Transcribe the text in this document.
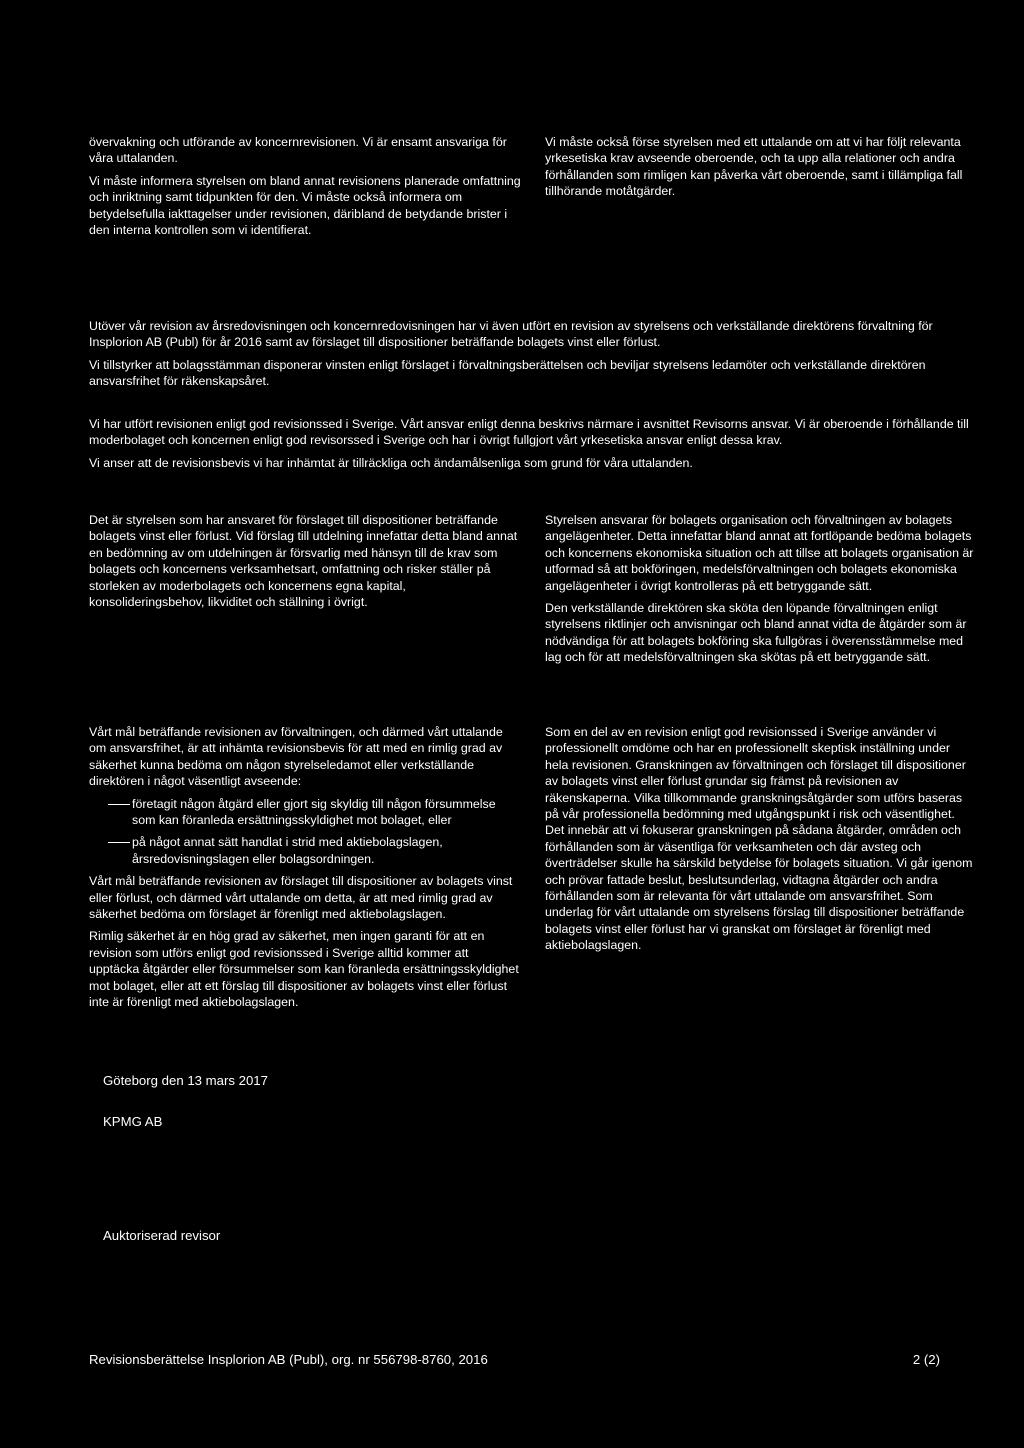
övervakning och utförande av koncernrevisionen. Vi är ensamt ansvariga för våra uttalanden.

Vi måste informera styrelsen om bland annat revisionens planerade omfattning och inriktning samt tidpunkten för den. Vi måste också informera om betydelsefulla iakttagelser under revisionen, däribland de betydande brister i den interna kontrollen som vi identifierat.

Vi måste också förse styrelsen med ett uttalande om att vi har följt relevanta yrkesetiska krav avseende oberoende, och ta upp alla relationer och andra förhållanden som rimligen kan påverka vårt oberoende, samt i tillämpliga fall tillhörande motåtgärder.

Utöver vår revision av årsredovisningen och koncernredovisningen har vi även utfört en revision av styrelsens och verkställande direktörens förvaltning för Insplorion AB (Publ) för år 2016 samt av förslaget till dispositioner beträffande bolagets vinst eller förlust.

Vi tillstyrker att bolagsstämman disponerar vinsten enligt förslaget i förvaltningsberättelsen och beviljar styrelsens ledamöter och verkställande direktören ansvarsfrihet för räkenskapsåret.

Vi har utfört revisionen enligt god revisionssed i Sverige. Vårt ansvar enligt denna beskrivs närmare i avsnittet Revisorns ansvar. Vi är oberoende i förhållande till moderbolaget och koncernen enligt god revisorssed i Sverige och har i övrigt fullgjort vårt yrkesetiska ansvar enligt dessa krav.

Vi anser att de revisionsbevis vi har inhämtat är tillräckliga och ändamålsenliga som grund för våra uttalanden.

Det är styrelsen som har ansvaret för förslaget till dispositioner beträffande bolagets vinst eller förlust. Vid förslag till utdelning innefattar detta bland annat en bedömning av om utdelningen är försvarlig med hänsyn till de krav som bolagets och koncernens verksamhetsart, omfattning och risker ställer på storleken av moderbolagets och koncernens egna kapital, konsolideringsbehov, likviditet och ställning i övrigt.

Styrelsen ansvarar för bolagets organisation och förvaltningen av bolagets angelägenheter. Detta innefattar bland annat att fortlöpande bedöma bolagets och koncernens ekonomiska situation och att tillse att bolagets organisation är utformad så att bokföringen, medelsförvaltningen och bolagets ekonomiska angelägenheter i övrigt kontrolleras på ett betryggande sätt.

Den verkställande direktören ska sköta den löpande förvaltningen enligt styrelsens riktlinjer och anvisningar och bland annat vidta de åtgärder som är nödvändiga för att bolagets bokföring ska fullgöras i överensstämmelse med lag och för att medelsförvaltningen ska skötas på ett betryggande sätt.

Vårt mål beträffande revisionen av förvaltningen, och därmed vårt uttalande om ansvarsfrihet, är att inhämta revisionsbevis för att med en rimlig grad av säkerhet kunna bedöma om någon styrelseledamot eller verkställande direktören i något väsentligt avseende:

företagit någon åtgärd eller gjort sig skyldig till någon försummelse som kan föranleda ersättningsskyldighet mot bolaget, eller
på något annat sätt handlat i strid med aktiebolagslagen, årsredovisningslagen eller bolagsordningen.

Vårt mål beträffande revisionen av förslaget till dispositioner av bolagets vinst eller förlust, och därmed vårt uttalande om detta, är att med rimlig grad av säkerhet bedöma om förslaget är förenligt med aktiebolagslagen.

Rimlig säkerhet är en hög grad av säkerhet, men ingen garanti för att en revision som utförs enligt god revisionssed i Sverige alltid kommer att upptäcka åtgärder eller försummelser som kan föranleda ersättningsskyldighet mot bolaget, eller att ett förslag till dispositioner av bolagets vinst eller förlust inte är förenligt med aktiebolagslagen.

Som en del av en revision enligt god revisionssed i Sverige använder vi professionellt omdöme och har en professionellt skeptisk inställning under hela revisionen. Granskningen av förvaltningen och förslaget till dispositioner av bolagets vinst eller förlust grundar sig främst på revisionen av räkenskaperna. Vilka tillkommande granskningsåtgärder som utförs baseras på vår professionella bedömning med utgångspunkt i risk och väsentlighet. Det innebär att vi fokuserar granskningen på sådana åtgärder, områden och förhållanden som är väsentliga för verksamheten och där avsteg och överträdelser skulle ha särskild betydelse för bolagets situation. Vi går igenom och prövar fattade beslut, beslutsunderlag, vidtagna åtgärder och andra förhållanden som är relevanta för vårt uttalande om ansvarsfrihet. Som underlag för vårt uttalande om styrelsens förslag till dispositioner beträffande bolagets vinst eller förlust har vi granskat om förslaget är förenligt med aktiebolagslagen.

Göteborg den 13 mars 2017
KPMG AB
Auktoriserad revisor
Revisionsberättelse Insplorion AB (Publ), org. nr 556798-8760, 2016	2 (2)
